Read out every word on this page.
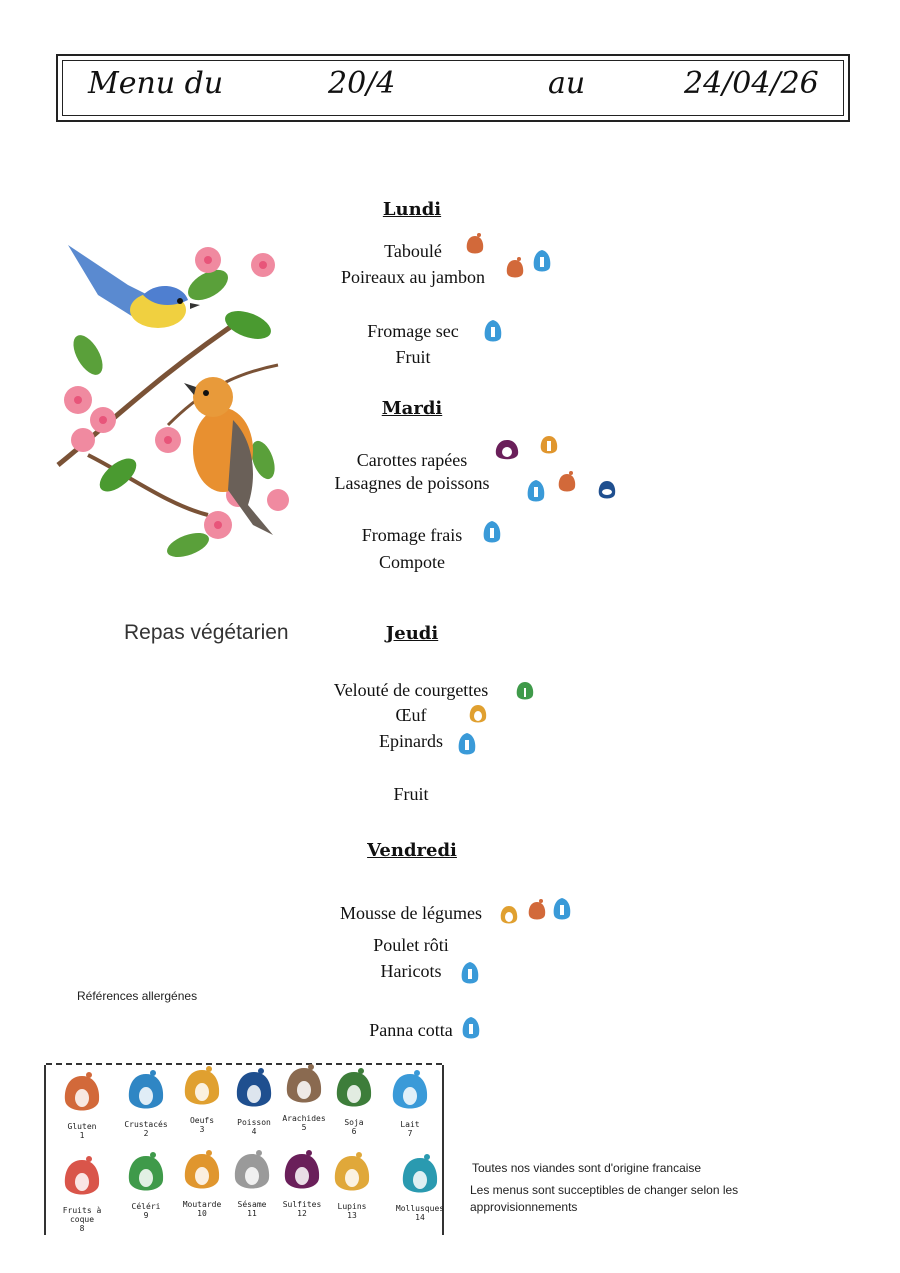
Menu du	20/4	au	24/04/26
Repas végétarien
Lundi
Taboulé
Poireaux au jambon
Fromage sec
Fruit
Mardi
Carottes rapées
Lasagnes de poissons
Fromage frais
Compote
Jeudi
Velouté de courgettes
Œuf
Epinards
Fruit
Vendredi
Mousse de légumes
Poulet rôti
Haricots
Panna cotta
Références allergénes
Gluten
1
Crustacés
2
Oeufs
3
Poisson
4
Arachides
5
Soja
6
Lait
7
Fruits à coque
8
Céléri
9
Moutarde
10
Sésame
11
Sulfites
12
Lupins
13
Mollusques
14
Toutes nos viandes sont d'origine francaise
Les menus sont succeptibles de changer selon les
approvisionnements
